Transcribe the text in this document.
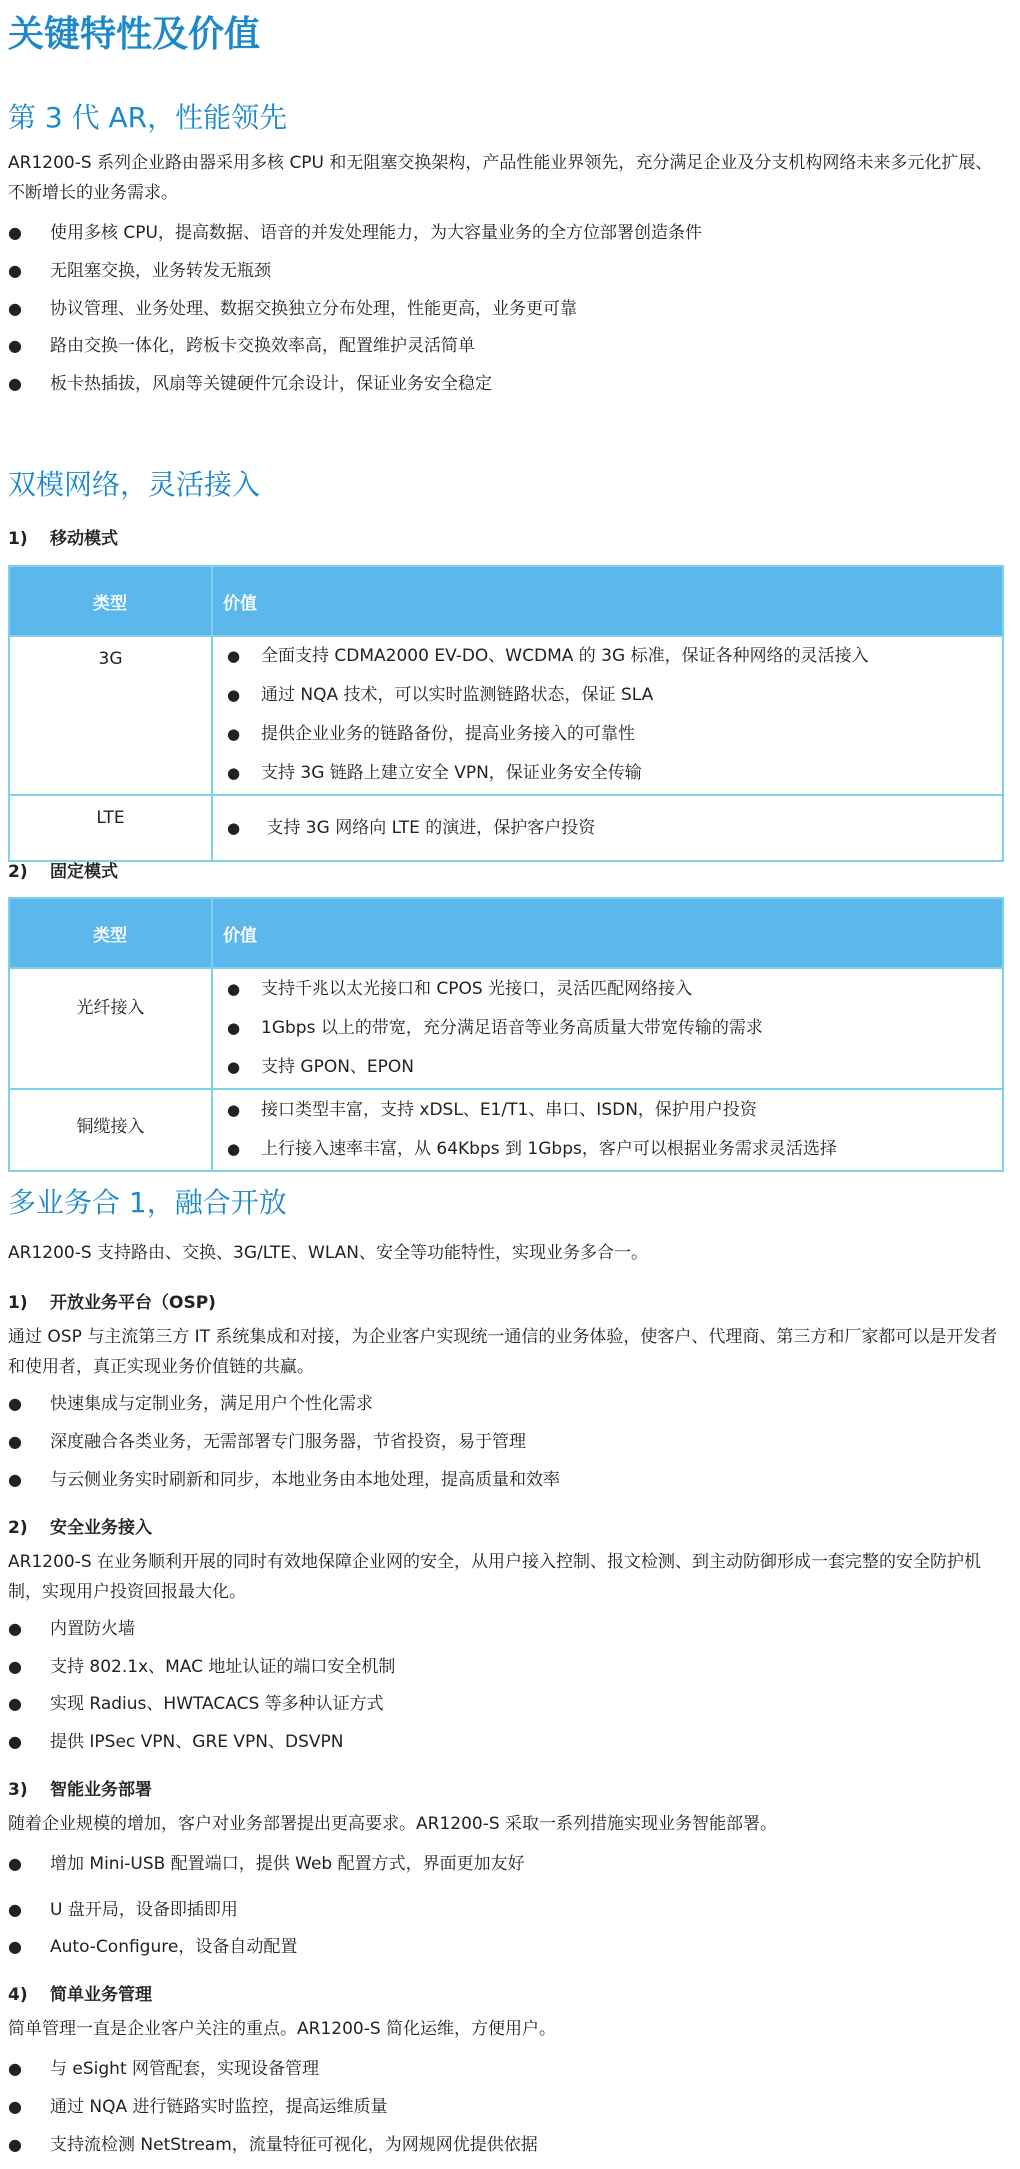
关键特性及价值
第 3 代 AR，性能领先
AR1200-S 系列企业路由器采用多核 CPU 和无阻塞交换架构，产品性能业界领先，充分满足企业及分支机构网络未来多元化扩展、不断增长的业务需求。
● 使用多核 CPU，提高数据、语音的并发处理能力，为大容量业务的全方位部署创造条件
● 无阻塞交换，业务转发无瓶颈
● 协议管理、业务处理、数据交换独立分布处理，性能更高，业务更可靠
● 路由交换一体化，跨板卡交换效率高，配置维护灵活简单
● 板卡热插拔，风扇等关键硬件冗余设计，保证业务安全稳定
双模网络，灵活接入
1) 移动模式
类型	价值
3G	● 全面支持 CDMA2000 EV-DO、WCDMA 的 3G 标准，保证各种网络的灵活接入
● 通过 NQA 技术，可以实时监测链路状态，保证 SLA
● 提供企业业务的链路备份，提高业务接入的可靠性
● 支持 3G 链路上建立安全 VPN，保证业务安全传输

LTE	● 支持 3G 网络向 LTE 的演进，保护客户投资
2) 固定模式
类型	价值
光纤接入	● 支持千兆以太光接口和 CPOS 光接口，灵活匹配网络接入
● 1Gbps 以上的带宽，充分满足语音等业务高质量大带宽传输的需求
● 支持 GPON、EPON

铜缆接入	● 接口类型丰富，支持 xDSL、E1/T1、串口、ISDN，保护用户投资
● 上行接入速率丰富，从 64Kbps 到 1Gbps，客户可以根据业务需求灵活选择
多业务合 1，融合开放
AR1200-S 支持路由、交换、3G/LTE、WLAN、安全等功能特性，实现业务多合一。
1) 开放业务平台（OSP)
通过 OSP 与主流第三方 IT 系统集成和对接，为企业客户实现统一通信的业务体验，使客户、代理商、第三方和厂家都可以是开发者和使用者，真正实现业务价值链的共赢。
● 快速集成与定制业务，满足用户个性化需求
● 深度融合各类业务，无需部署专门服务器，节省投资，易于管理
● 与云侧业务实时刷新和同步，本地业务由本地处理，提高质量和效率
2) 安全业务接入
AR1200-S 在业务顺利开展的同时有效地保障企业网的安全，从用户接入控制、报文检测、到主动防御形成一套完整的安全防护机制，实现用户投资回报最大化。
● 内置防火墙
● 支持 802.1x、MAC 地址认证的端口安全机制
● 实现 Radius、HWTACACS 等多种认证方式
● 提供 IPSec VPN、GRE VPN、DSVPN
3) 智能业务部署
随着企业规模的增加，客户对业务部署提出更高要求。AR1200-S 采取一系列措施实现业务智能部署。
● 增加 Mini-USB 配置端口，提供 Web 配置方式，界面更加友好
● U 盘开局，设备即插即用
● Auto-Configure，设备自动配置
4) 简单业务管理
简单管理一直是企业客户关注的重点。AR1200-S 简化运维，方便用户。
● 与 eSight 网管配套，实现设备管理
● 通过 NQA 进行链路实时监控，提高运维质量
● 支持流检测 NetStream，流量特征可视化，为网规网优提供依据
